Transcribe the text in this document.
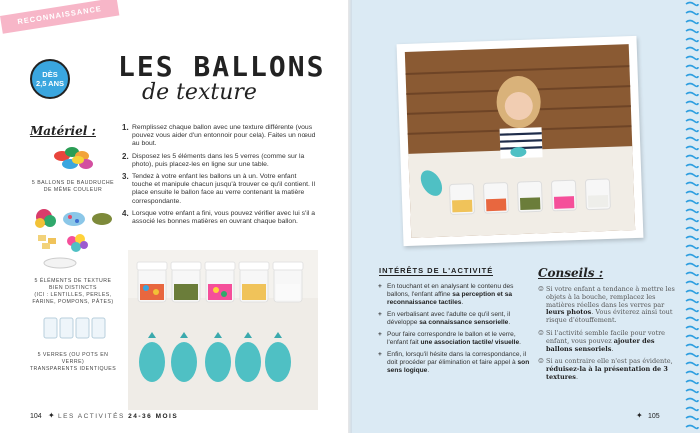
RECONNAISSANCE TACTILE
DÈS
2,5 ANS
LES BALLONS
de texture
Matériel :
5 BALLONS DE BAUDRUCHE
DE MÊME COULEUR
5 ÉLÉMENTS DE TEXTURE
BIEN DISTINCTS
(ICI : LENTILLES, PERLES,
FARINE, POMPONS, PÂTES)
5 VERRES (OU POTS EN VERRE)
TRANSPARENTS IDENTIQUES
1. Remplissez chaque ballon avec une texture différente (vous pouvez vous aider d'un entonnoir pour cela). Faites un nœud au bout.
2. Disposez les 5 éléments dans les 5 verres (comme sur la photo), puis placez-les en ligne sur une table.
3. Tendez à votre enfant les ballons un à un. Votre enfant touche et manipule chacun jusqu'à trouver ce qu'il contient. Il place ensuite le ballon face au verre contenant la matière correspondante.
4. Lorsque votre enfant a fini, vous pouvez vérifier avec lui s'il a associé les bonnes matières en ouvrant chaque ballon.
104 ✦ LES ACTIVITÉS 24-36 MOIS
INTÉRÊTS DE L'ACTIVITÉ
+ En touchant et en analysant le contenu des ballons, l'enfant affine sa perception et sa reconnaissance tactiles.
+ En verbalisant avec l'adulte ce qu'il sent, il développe sa connaissance sensorielle.
+ Pour faire correspondre le ballon et le verre, l'enfant fait une association tactile/ visuelle.
+ Enfin, lorsqu'il hésite dans la correspondance, il doit procéder par élimination et faire appel à son sens logique.
Conseils :

☺ Si votre enfant a tendance à mettre les objets à la bouche, remplacez les matières réelles dans les verres par leurs photos. Vous éviterez ainsi tout risque d'étouffement.

☺ Si l'activité semble facile pour votre enfant, vous pouvez ajouter des ballons sensoriels.

☺ Si au contraire elle n'est pas évidente, réduisez-la à la présentation de 3 textures.

✦ 105
